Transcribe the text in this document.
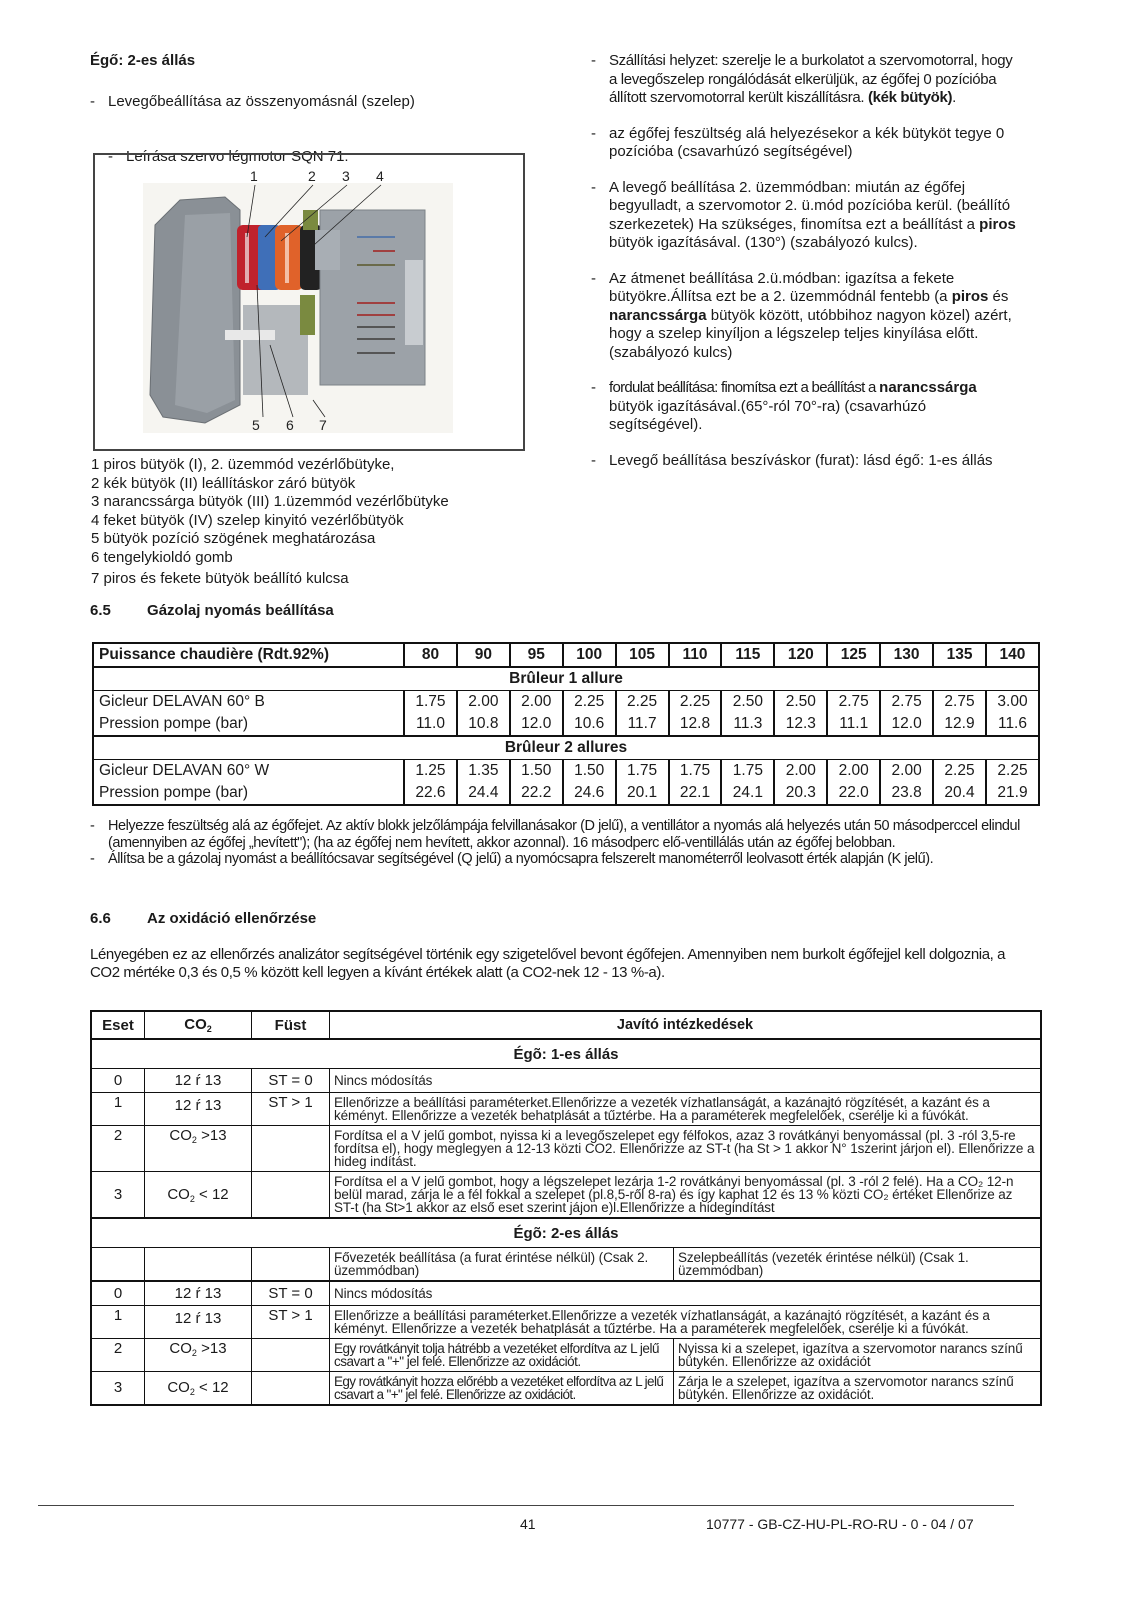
Égő: 2-es állás
- Levegőbeállítása az összenyomásnál (szelep)
- Leírása szervo légmotor SQN 71:
1	2 3 4
5 6 7
1 piros bütyök (I), 2. üzemmód vezérlőbütyke,
2 kék bütyök (II) leállításkor záró bütyök
3 narancssárga bütyök (III) 1.üzemmód vezérlőbütyke
4 feket bütyök (IV) szelep kinyitó vezérlőbütyök
5 bütyök pozíció szögének meghatározása
6 tengelykioldó gomb
7 piros és fekete bütyök beállító kulcsa
- Szállítási helyzet: szerelje le a burkolatot a szervomotorral, hogy a levegőszelep rongálódását elkerüljük, az égőfej 0 pozícióba állított szervomotorral került kiszállításra. (kék bütyök).
- az égőfej feszültség alá helyezésekor a kék bütyköt tegye 0 pozícióba (csavarhúzó segítségével)
- A levegő beállítása 2. üzemmódban: miután az égőfej begyulladt, a szervomotor 2. ü.mód pozícióba kerül. (beállító szerkezetek) Ha szükséges, finomítsa ezt a beállítást a piros bütyök igazításával. (130°) (szabályozó kulcs).
- Az átmenet beállítása 2.ü.módban: igazítsa a fekete bütyökre.Állítsa ezt be a 2. üzemmódnál fentebb (a piros és narancssárga bütyök között, utóbbihoz nagyon közel) azért, hogy a szelep kinyíljon a légszelep teljes kinyílása előtt. (szabályozó kulcs)
- fordulat beállítása: finomítsa ezt a beállítást a narancssárga bütyök igazításával.(65°-ról 70°-ra) (csavarhúzó segítségével).
- Levegő beállítása beszíváskor (furat): lásd égő: 1-es állás
6.5 Gázolaj nyomás beállítása
Puissance chaudière (Rdt.92%)	80	90	95	100	105	110	115	120	125	130	135	140
Brûleur 1 allure												
Gicleur DELAVAN 60° B	1.75	2.00	2.00	2.25	2.25	2.25	2.50	2.50	2.75	2.75	2.75	3.00
Pression pompe (bar)	11.0	10.8	12.0	10.6	11.7	12.8	11.3	12.3	11.1	12.0	12.9	11.6
Brûleur 2 allures												
Gicleur DELAVAN 60° W	1.25	1.35	1.50	1.50	1.75	1.75	1.75	2.00	2.00	2.00	2.25	2.25
Pression pompe (bar)	22.6	24.4	22.2	24.6	20.1	22.1	24.1	20.3	22.0	23.8	20.4	21.9
- Helyezze feszültség alá az égőfejet. Az aktív blokk jelzőlámpája felvillanásakor (D jelű), a ventillátor a nyomás alá helyezés után 50 másodperccel elindul (amennyiben az égőfej „hevített"); (ha az égőfej nem hevített, akkor azonnal). 16 másodperc elő-ventillálás után az égőfej belobban.
- Állítsa be a gázolaj nyomást a beállítócsavar segítségével (Q jelű) a nyomócsapra felszerelt manométerről leolvasott érték alapján (K jelű).
6.6 Az oxidáció ellenőrzése
Lényegében ez az ellenőrzés analizátor segítségével történik egy szigetelővel bevont égőfejen. Amennyiben nem burkolt égőfejjel kell dolgoznia, a CO2 mértéke 0,3 és 0,5 % között kell legyen a kívánt értékek alatt (a CO2-nek 12 - 13 %-a).
Eset	$CO_2$	Füst	Javító intézkedések	
Égõ: 1-es állás				
0	12 ŕ 13	ST = 0	Nincs módosítás	
1	12 ŕ 13	ST > 1	Ellenőrizze a beállítási paraméterket.Ellenőrizze a vezeték vízhatlanságát, a kazánajtó rögzítését, a kazánt és a kéményt. Ellenőrizze a vezeték behatplását a tűztérbe. Ha a paraméterek megfelelőek, cserélje ki a fúvókát.	
2	$CO_2 >13$		Fordítsa el a V jelű gombot, nyissa ki a levegőszelepet egy félfokos, azaz 3 rovátkányi benyomással (pl. 3 -ról 3,5-re fordítsa el), hogy meglegyen a 12-13 közti CO2. Ellenőrizze az ST-t (ha St > 1 akkor N° 1szerint járjon el). Ellenőrizze a hideg indítást.	
3	$CO_2 < 12$		Fordítsa el a V jelű gombot, hogy a légszelepet lezárja 1-2 rovátkányi benyomással (pl. 3 -ról 2 felé). Ha a CO₂ 12-n belül marad, zárja le a fél fokkal a szelepet (pl.8,5-ről 8-ra) és így kaphat 12 és 13 % közti CO₂ értéket Ellenőrize az ST-t (ha St>1 akkor az első eset szerint jájon e)l.Ellenőrizze a hidegindítást	
Égõ: 2-es állás				
			Fővezeték beállítása (a furat érintése nélkül) (Csak 2. üzemmódban)	Szelepbeállítás (vezeték érintése nélkül) (Csak 1. üzemmódban)
0	12 ŕ 13	ST = 0	Nincs módosítás	
1	12 ŕ 13	ST > 1	Ellenőrizze a beállítási paraméterket.Ellenőrizze a vezeték vízhatlanságát, a kazánajtó rögzítését, a kazánt és a kéményt. Ellenőrizze a vezeték behatplását a tűztérbe. Ha a paraméterek megfelelőek, cserélje ki a fúvókát.	
2	$CO_2 >13$		Egy rovátkányit tolja hátrébb a vezetéket elfordítva az L jelű csavart a "+" jel felé. Ellenőrizze az oxidációt.	Nyissa ki a szelepet, igazítva a szervomotor narancs színű bütykén. Ellenőrizze az oxidációt
3	$CO_2 < 12$		Egy rovátkányit hozza előrébb a vezetéket elfordítva az L jelű csavart a "+" jel felé. Ellenőrizze az oxidációt.	Zárja le a szelepet, igazítva a szervomotor narancs színű bütykén. Ellenőrizze az oxidációt.
41	10777 - GB-CZ-HU-PL-RO-RU - 0 - 04 / 07
